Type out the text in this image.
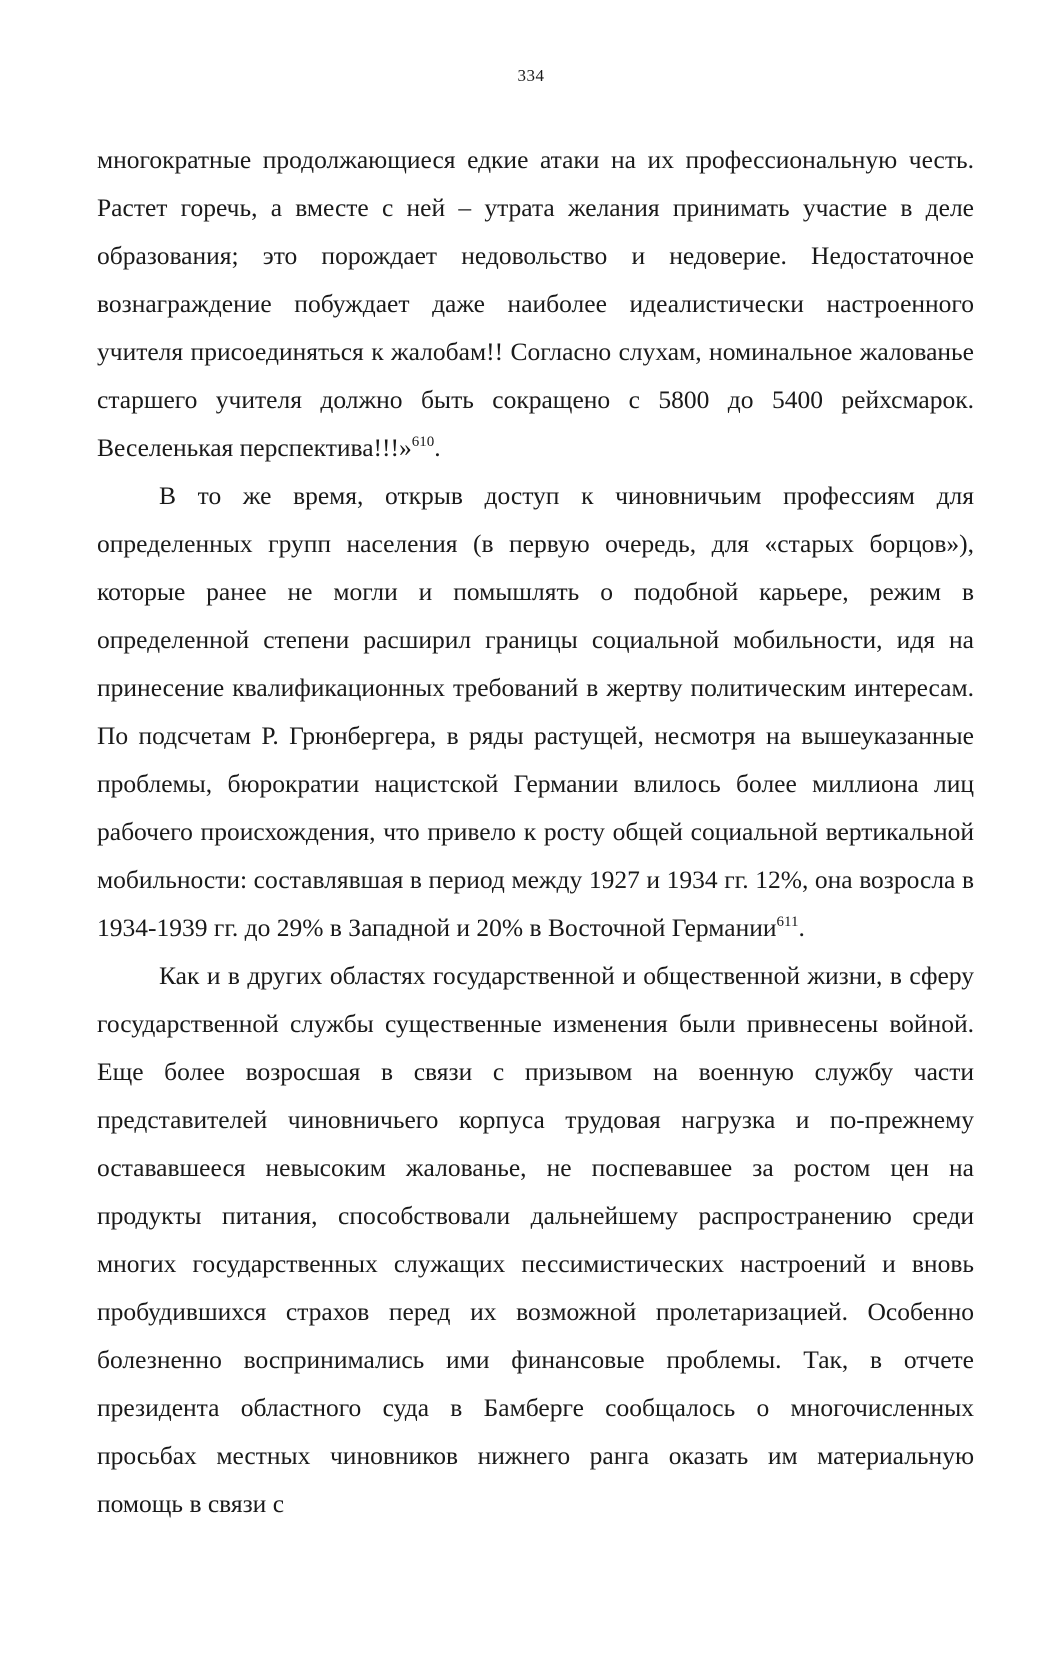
334

многократные продолжающиеся едкие атаки на их профессиональную честь. Растет горечь, а вместе с ней – утрата желания принимать участие в деле образования; это порождает недовольство и недоверие. Недостаточное вознаграждение побуждает даже наиболее идеалистически настроенного учителя присоединяться к жалобам!! Согласно слухам, номинальное жалованье старшего учителя должно быть сокращено с 5800 до 5400 рейхсмарок. Веселенькая перспектива!!!»$^{610}$.

В то же время, открыв доступ к чиновничьим профессиям для определенных групп населения (в первую очередь, для «старых борцов»), которые ранее не могли и помышлять о подобной карьере, режим в определенной степени расширил границы социальной мобильности, идя на принесение квалификационных требований в жертву политическим интересам. По подсчетам Р. Грюнбергера, в ряды растущей, несмотря на вышеуказанные проблемы, бюрократии нацистской Германии влилось более миллиона лиц рабочего происхождения, что привело к росту общей социальной вертикальной мобильности: составлявшая в период между 1927 и 1934 гг. 12%, она возросла в 1934-1939 гг. до 29% в Западной и 20% в Восточной Германии$^{611}$.

Как и в других областях государственной и общественной жизни, в сферу государственной службы существенные изменения были привнесены войной. Еще более возросшая в связи с призывом на военную службу части представителей чиновничьего корпуса трудовая нагрузка и по-прежнему остававшееся невысоким жалованье, не поспевавшее за ростом цен на продукты питания, способствовали дальнейшему распространению среди многих государственных служащих пессимистических настроений и вновь пробудившихся страхов перед их возможной пролетаризацией. Особенно болезненно воспринимались ими финансовые проблемы. Так, в отчете президента областного суда в Бамберге сообщалось о многочисленных просьбах местных чиновников нижнего ранга оказать им материальную помощь в связи с
